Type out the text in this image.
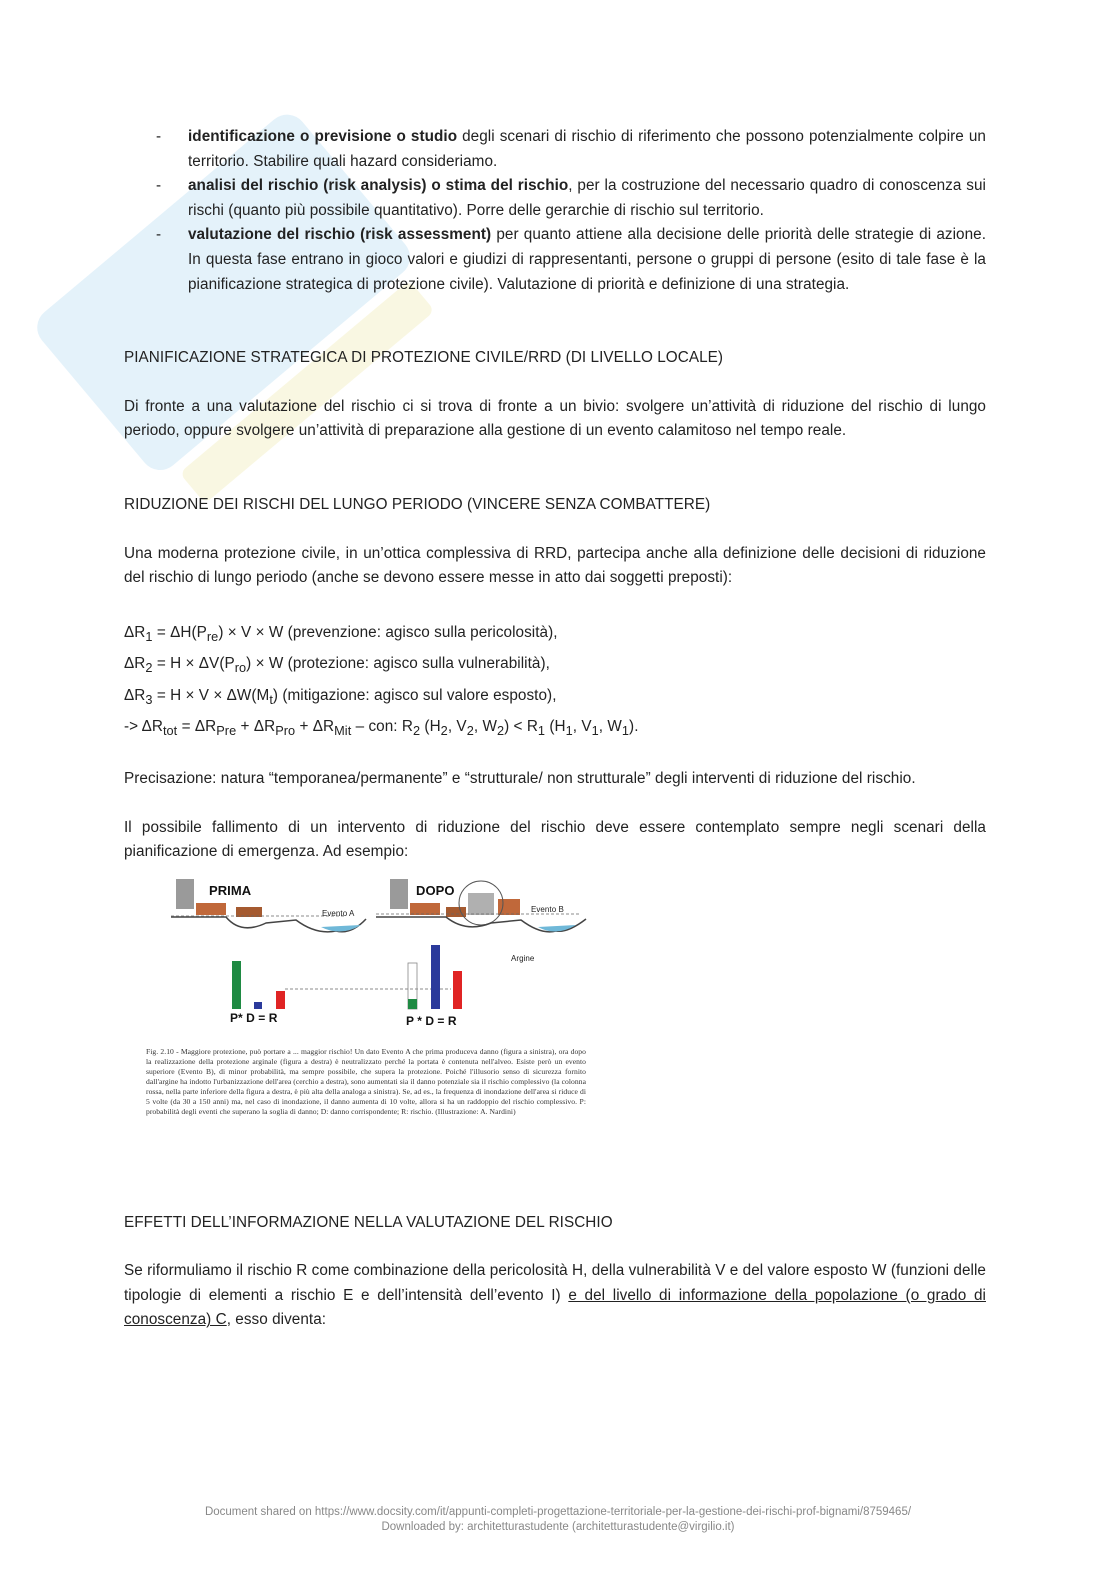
- identificazione o previsione o studio degli scenari di rischio di riferimento che possono potenzialmente colpire un territorio. Stabilire quali hazard consideriamo.
- analisi del rischio (risk analysis) o stima del rischio, per la costruzione del necessario quadro di conoscenza sui rischi (quanto più possibile quantitativo). Porre delle gerarchie di rischio sul territorio.
- valutazione del rischio (risk assessment) per quanto attiene alla decisione delle priorità delle strategie di azione. In questa fase entrano in gioco valori e giudizi di rappresentanti, persone o gruppi di persone (esito di tale fase è la pianificazione strategica di protezione civile). Valutazione di priorità e definizione di una strategia.

PIANIFICAZIONE STRATEGICA DI PROTEZIONE CIVILE/RRD (DI LIVELLO LOCALE)

Di fronte a una valutazione del rischio ci si trova di fronte a un bivio: svolgere un’attività di riduzione del rischio di lungo periodo, oppure svolgere un’attività di preparazione alla gestione di un evento calamitoso nel tempo reale.

RIDUZIONE DEI RISCHI DEL LUNGO PERIODO (VINCERE SENZA COMBATTERE)

Una moderna protezione civile, in un’ottica complessiva di RRD, partecipa anche alla definizione delle decisioni di riduzione del rischio di lungo periodo (anche se devono essere messe in atto dai soggetti preposti):

$\Delta R_1 = \Delta H(P_{re}) \times V \times W$ (prevenzione: agisco sulla pericolosità),
$\Delta R_2 = H \times \Delta V(P_{ro}) \times W$ (protezione: agisco sulla vulnerabilità),
$\Delta R_3 = H \times V \times \Delta W(M_t)$ (mitigazione: agisco sul valore esposto),
-> $\Delta R_{tot} = \Delta R_{Pre} + \Delta R_{Pro} + \Delta R_{Mit}$ – con: $R_2$ ($H_2$, $V_2$, $W_2) < R_1$ ($H_1$, $V_1$, $W_1$).

Precisazione: natura “temporanea/permanente” e “strutturale/ non strutturale” degli interventi di riduzione del rischio.

Il possibile fallimento di un intervento di riduzione del rischio deve essere contemplato sempre negli scenari della pianificazione di emergenza. Ad esempio:

PRIMA
Evento A
DOPO
Evento B
Argine
P* D = R	P * D = R
Fig. 2.10 - Maggiore protezione, può portare a ... maggior rischio! Un dato Evento A che prima produceva danno (figura a sinistra), ora dopo la realizzazione della protezione arginale (figura a destra) è neutralizzato perché la portata è contenuta nell'alveo. Esiste però un evento superiore (Evento B), di minor probabilità, ma sempre possibile, che supera la protezione. Poiché l'illusorio senso di sicurezza fornito dall'argine ha indotto l'urbanizzazione dell'area (cerchio a destra), sono aumentati sia il danno potenziale sia il rischio complessivo (la colonna rossa, nella parte inferiore della figura a destra, è più alta della analoga a sinistra). Se, ad es., la frequenza di inondazione dell'area si riduce di 5 volte (da 30 a 150 anni) ma, nel caso di inondazione, il danno aumenta di 10 volte, allora si ha un raddoppio del rischio complessivo. P: probabilità degli eventi che superano la soglia di danno; D: danno corrispondente; R: rischio. (Illustrazione: A. Nardini)

EFFETTI DELL’INFORMAZIONE NELLA VALUTAZIONE DEL RISCHIO

Se riformuliamo il rischio R come combinazione della pericolosità H, della vulnerabilità V e del valore esposto W (funzioni delle tipologie di elementi a rischio E e dell’intensità dell’evento I) e del livello di informazione della popolazione (o grado di conoscenza) C, esso diventa:

Document shared on https://www.docsity.com/it/appunti-completi-progettazione-territoriale-per-la-gestione-dei-rischi-prof-bignami/8759465/
Downloaded by: architetturastudente (architetturastudente@virgilio.it)
